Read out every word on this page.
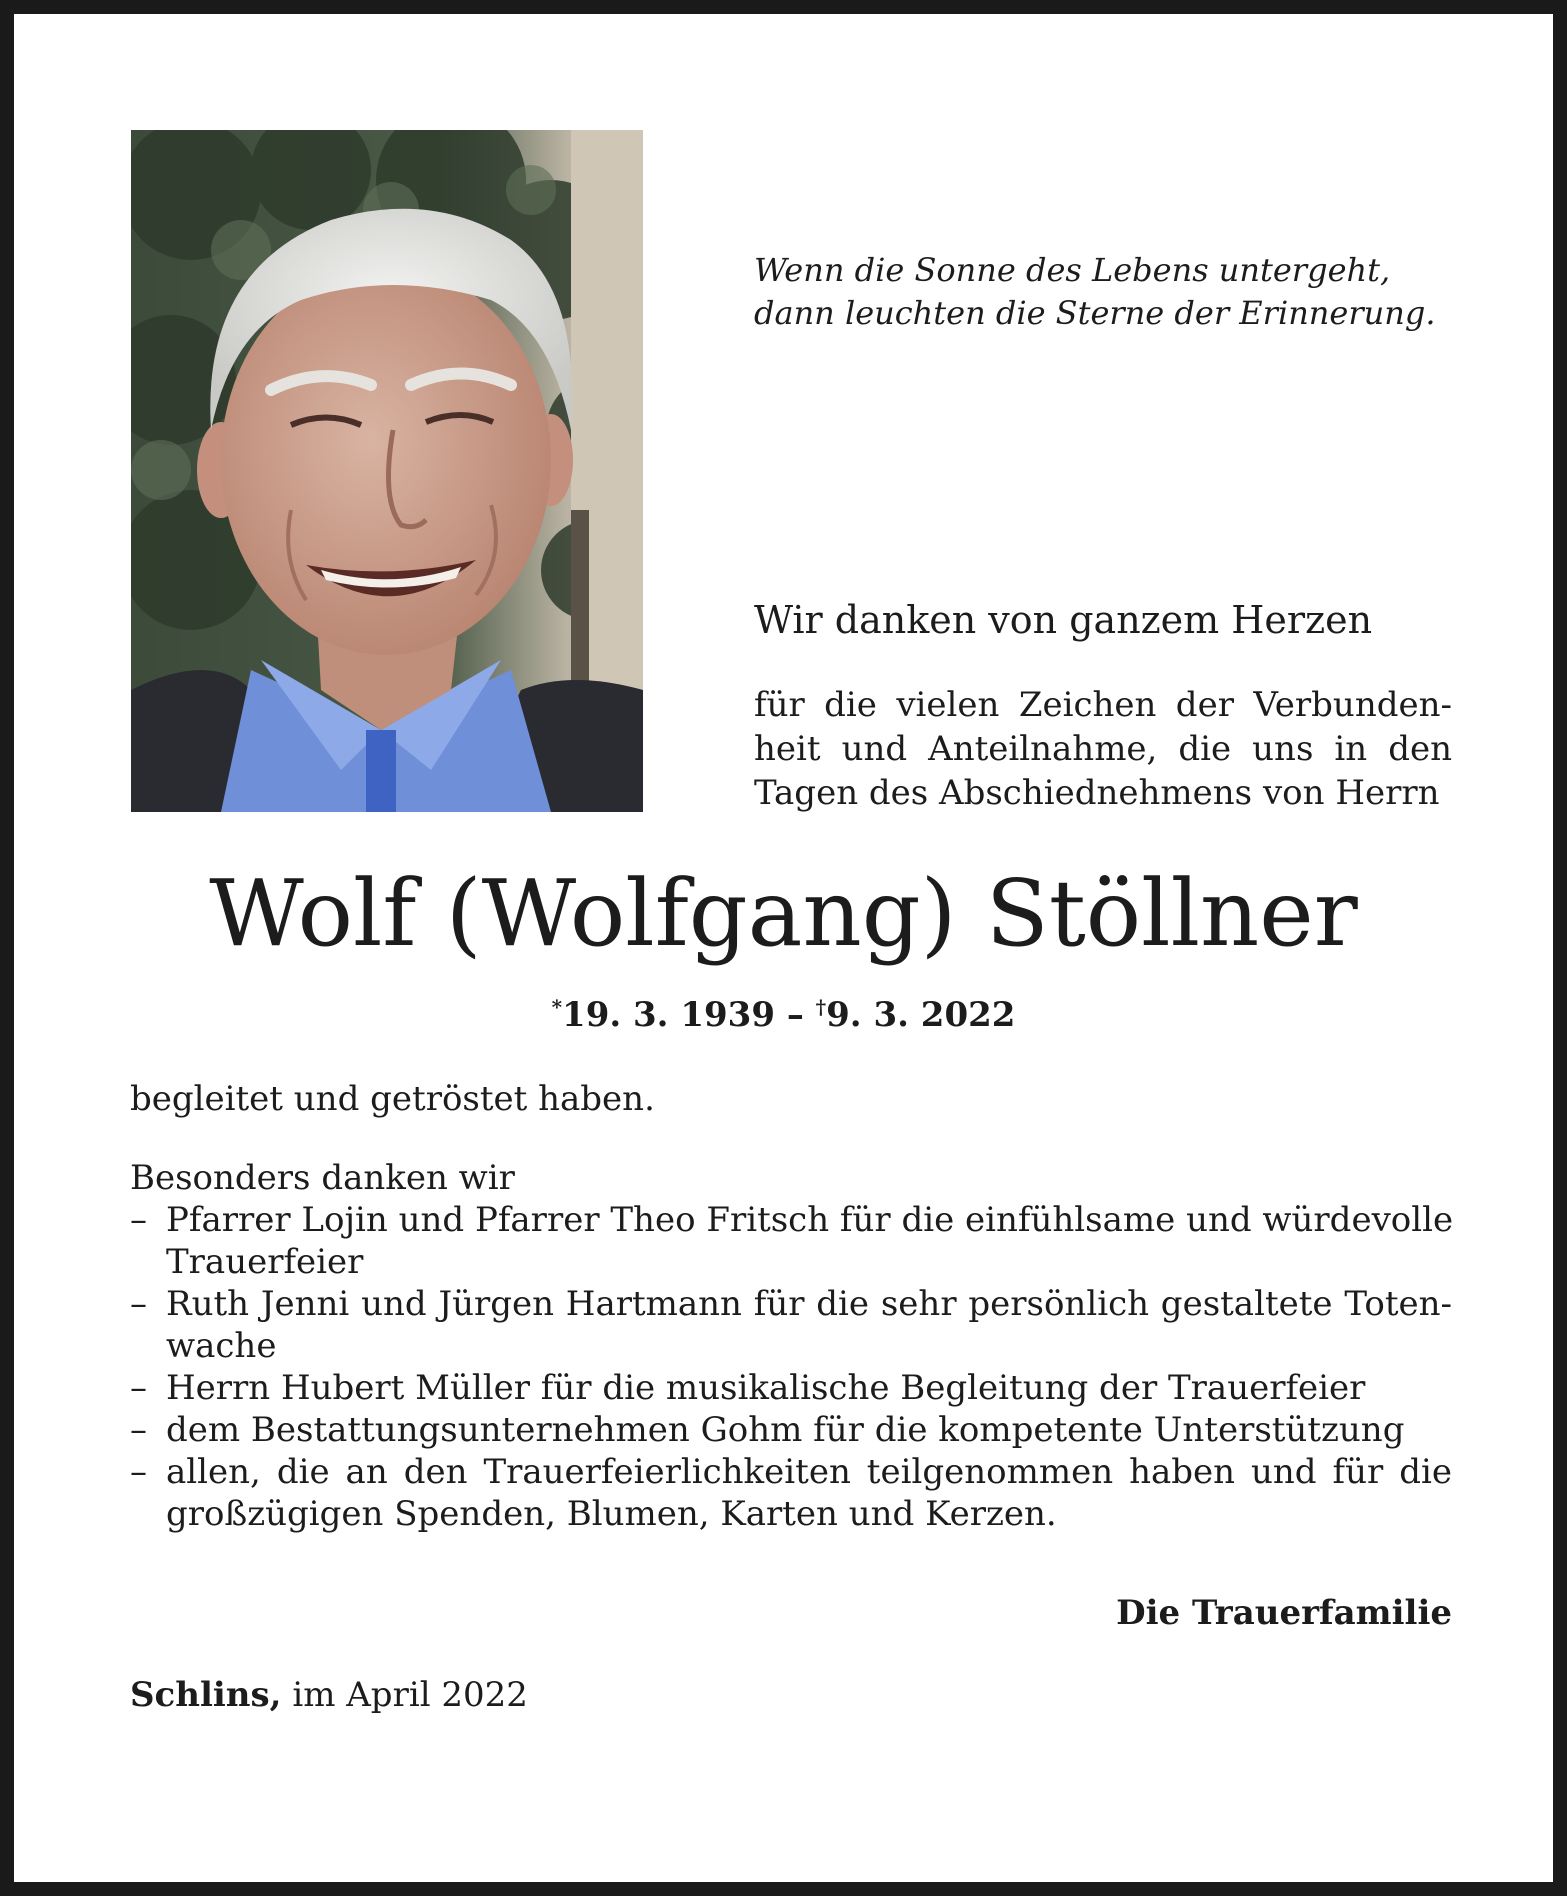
Wenn die Sonne des Lebens untergeht,
dann leuchten die Sterne der Erinnerung.
Wir danken von ganzem Herzen
für die vielen Zeichen der Verbunden-
heit und Anteilnahme, die uns in den
Tagen des Abschiednehmens von Herrn
Wolf (Wolfgang) Stöllner
*19. 3. 1939 – †9. 3. 2022
begleitet und getröstet haben.
Besonders danken wir
– Pfarrer Lojin und Pfarrer Theo Fritsch für die einfühlsame und würdevolle
Trauerfeier
– Ruth Jenni und Jürgen Hartmann für die sehr persönlich gestaltete Toten-
wache
– Herrn Hubert Müller für die musikalische Begleitung der Trauerfeier
– dem Bestattungsunternehmen Gohm für die kompetente Unterstützung
– allen, die an den Trauerfeierlichkeiten teilgenommen haben und für die
großzügigen Spenden, Blumen, Karten und Kerzen.
Die Trauerfamilie
Schlins, im April 2022
